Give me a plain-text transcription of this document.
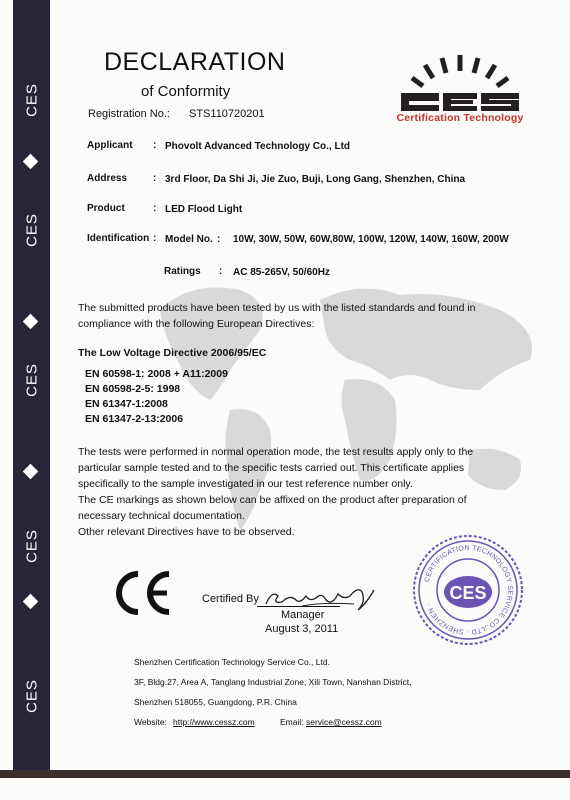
CES
CES
CES
CES
CES
DECLARATION
of Conformity
Registration No.: STS110720201	Certification Technology
Applicant : Phovolt Advanced Technology Co., Ltd
Address	: 3rd Floor, Da Shi Ji, Jie Zuo, Buji, Long Gang, Shenzhen, China
Product	: LED Flood Light
Identification : Model No. : 10W, 30W, 50W, 60W,80W, 100W, 120W, 140W, 160W, 200W
Ratings : AC 85-265V, 50/60Hz
The submitted products have been tested by us with the listed standards and found in
compliance with the following European Directives:
The Low Voltage Directive 2006/95/EC
EN 60598-1: 2008 + A11:2009
EN 60598-2-5: 1998
EN 61347-1:2008
EN 61347-2-13:2006
The tests were performed in normal operation mode, the test results apply only to the
particular sample tested and to the specific tests carried out. This certificate applies
specifically to the sample investigated in our test reference number only.
The CE markings as shown below can be affixed on the product after preparation of
necessary technical documentation.
Other relevant Directives have to be observed.
Certified By
Manager
August 3, 2011
CERTIFICATION TECHNOLOGY SERVICE CO.,LTD · SHENZHEN ·
CES
Shenzhen Certification Technology Service Co., Ltd.
3F, Bldg.27, Area A, Tanglang Industrial Zone, Xili Town, Nanshan District,
Shenzhen 518055, Guangdong, P.R. China
Website: http://www.cessz.com	Email: service@cessz.com
